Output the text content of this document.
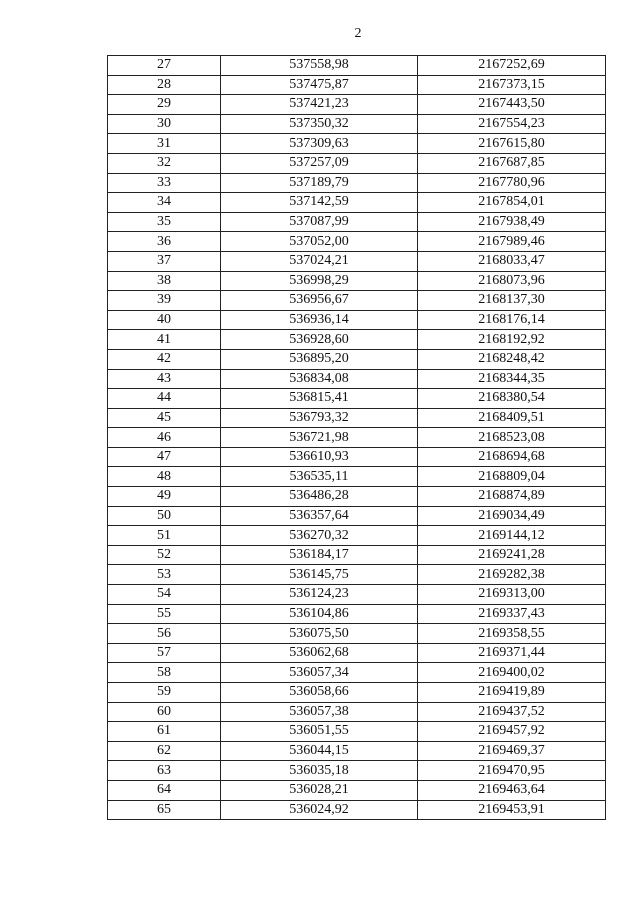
2
27	537558,98	2167252,69
28	537475,87	2167373,15
29	537421,23	2167443,50
30	537350,32	2167554,23
31	537309,63	2167615,80
32	537257,09	2167687,85
33	537189,79	2167780,96
34	537142,59	2167854,01
35	537087,99	2167938,49
36	537052,00	2167989,46
37	537024,21	2168033,47
38	536998,29	2168073,96
39	536956,67	2168137,30
40	536936,14	2168176,14
41	536928,60	2168192,92
42	536895,20	2168248,42
43	536834,08	2168344,35
44	536815,41	2168380,54
45	536793,32	2168409,51
46	536721,98	2168523,08
47	536610,93	2168694,68
48	536535,11	2168809,04
49	536486,28	2168874,89
50	536357,64	2169034,49
51	536270,32	2169144,12
52	536184,17	2169241,28
53	536145,75	2169282,38
54	536124,23	2169313,00
55	536104,86	2169337,43
56	536075,50	2169358,55
57	536062,68	2169371,44
58	536057,34	2169400,02
59	536058,66	2169419,89
60	536057,38	2169437,52
61	536051,55	2169457,92
62	536044,15	2169469,37
63	536035,18	2169470,95
64	536028,21	2169463,64
65	536024,92	2169453,91
